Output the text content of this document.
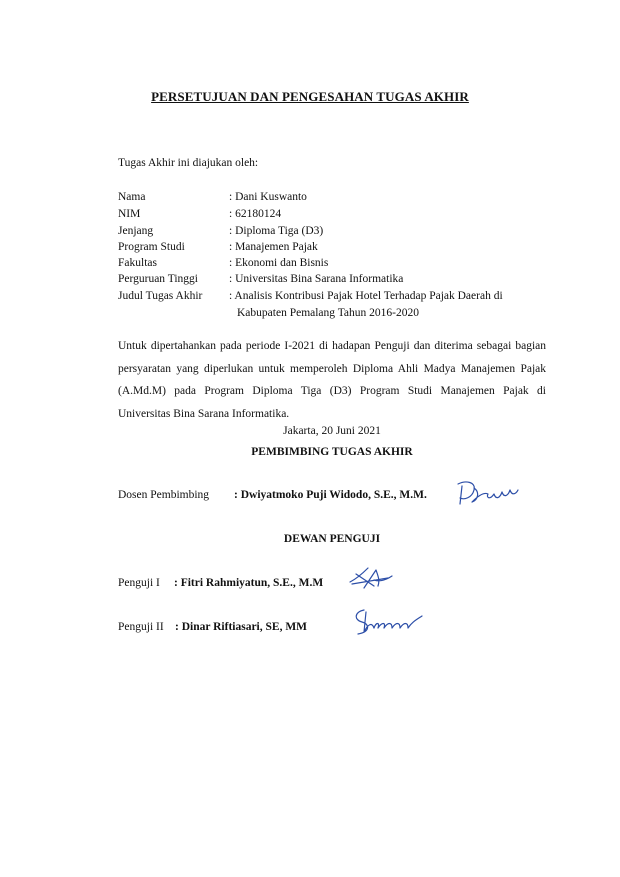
PERSETUJUAN DAN PENGESAHAN TUGAS AKHIR
Tugas Akhir ini diajukan oleh:
Nama	: Dani Kuswanto
NIM	: 62180124
Jenjang	: Diploma Tiga (D3)
Program Studi	: Manajemen Pajak
Fakultas	: Ekonomi dan Bisnis
Perguruan Tinggi	: Universitas Bina Sarana Informatika
Judul Tugas Akhir : Analisis Kontribusi Pajak Hotel Terhadap Pajak Daerah di
Kabupaten Pemalang Tahun 2016-2020
Untuk dipertahankan pada periode I-2021 di hadapan Penguji dan diterima sebagai bagian persyaratan yang diperlukan untuk memperoleh Diploma Ahli Madya Manajemen Pajak (A.Md.M) pada Program Diploma Tiga (D3) Program Studi Manajemen Pajak di Universitas Bina Sarana Informatika.
Jakarta, 20 Juni 2021
PEMBIMBING TUGAS AKHIR
Dosen Pembimbing : Dwiyatmoko Puji Widodo, S.E., M.M.
DEWAN PENGUJI
Penguji I : Fitri Rahmiyatun, S.E., M.M
Penguji II : Dinar Riftiasari, SE, MM
